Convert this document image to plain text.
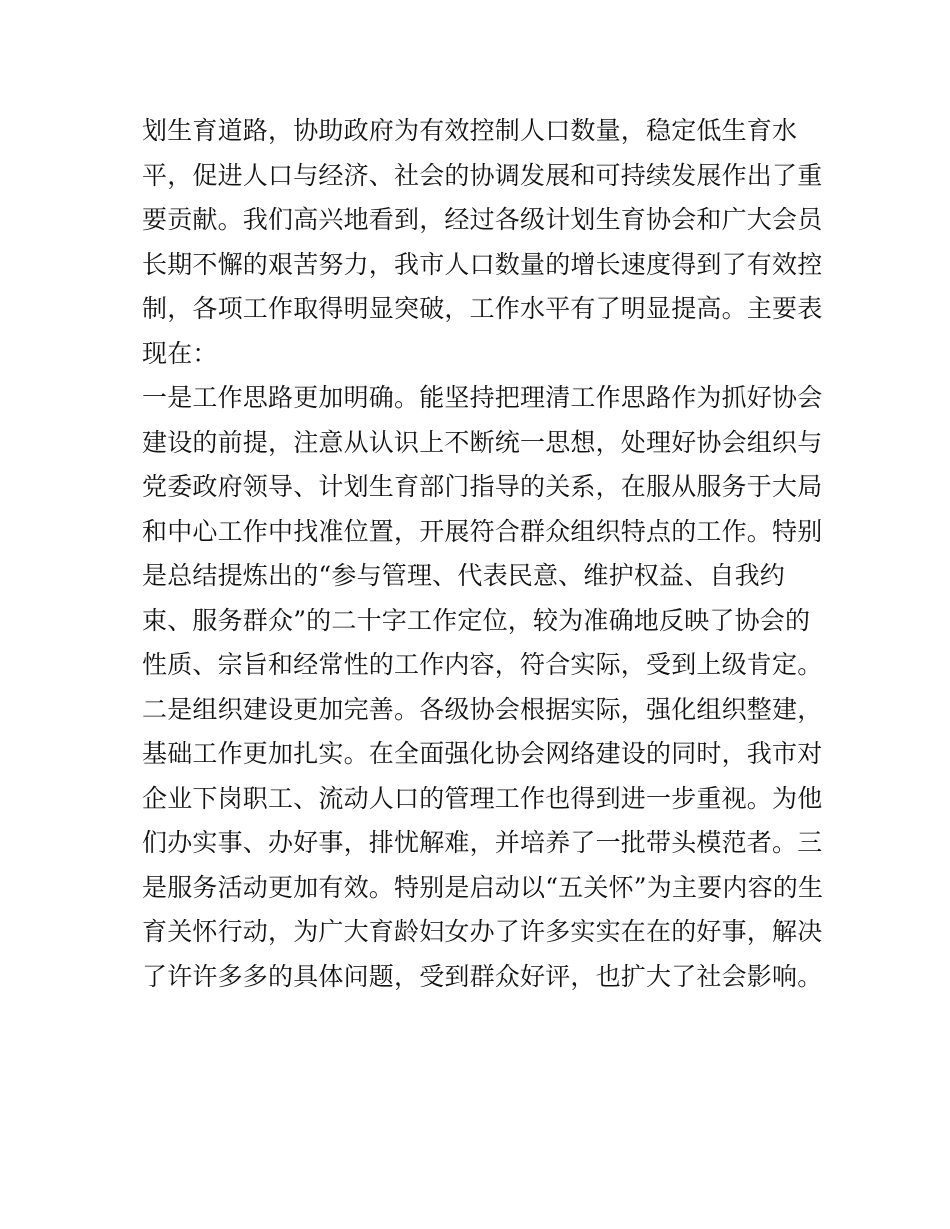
划生育道路，协助政府为有效控制人口数量，稳定低生育水
平，促进人口与经济、社会的协调发展和可持续发展作出了重
要贡献。我们高兴地看到，经过各级计划生育协会和广大会员
长期不懈的艰苦努力，我市人口数量的增长速度得到了有效控
制，各项工作取得明显突破，工作水平有了明显提高。主要表
现在：
一是工作思路更加明确。能坚持把理清工作思路作为抓好协会
建设的前提，注意从认识上不断统一思想，处理好协会组织与
党委政府领导、计划生育部门指导的关系，在服从服务于大局
和中心工作中找准位置，开展符合群众组织特点的工作。特别
是总结提炼出的“参与管理、代表民意、维护权益、自我约
束、服务群众”的二十字工作定位，较为准确地反映了协会的
性质、宗旨和经常性的工作内容，符合实际，受到上级肯定。
二是组织建设更加完善。各级协会根据实际，强化组织整建，
基础工作更加扎实。在全面强化协会网络建设的同时，我市对
企业下岗职工、流动人口的管理工作也得到进一步重视。为他
们办实事、办好事，排忧解难，并培养了一批带头模范者。三
是服务活动更加有效。特别是启动以“五关怀”为主要内容的生
育关怀行动，为广大育龄妇女办了许多实实在在的好事，解决
了许许多多的具体问题，受到群众好评，也扩大了社会影响。
